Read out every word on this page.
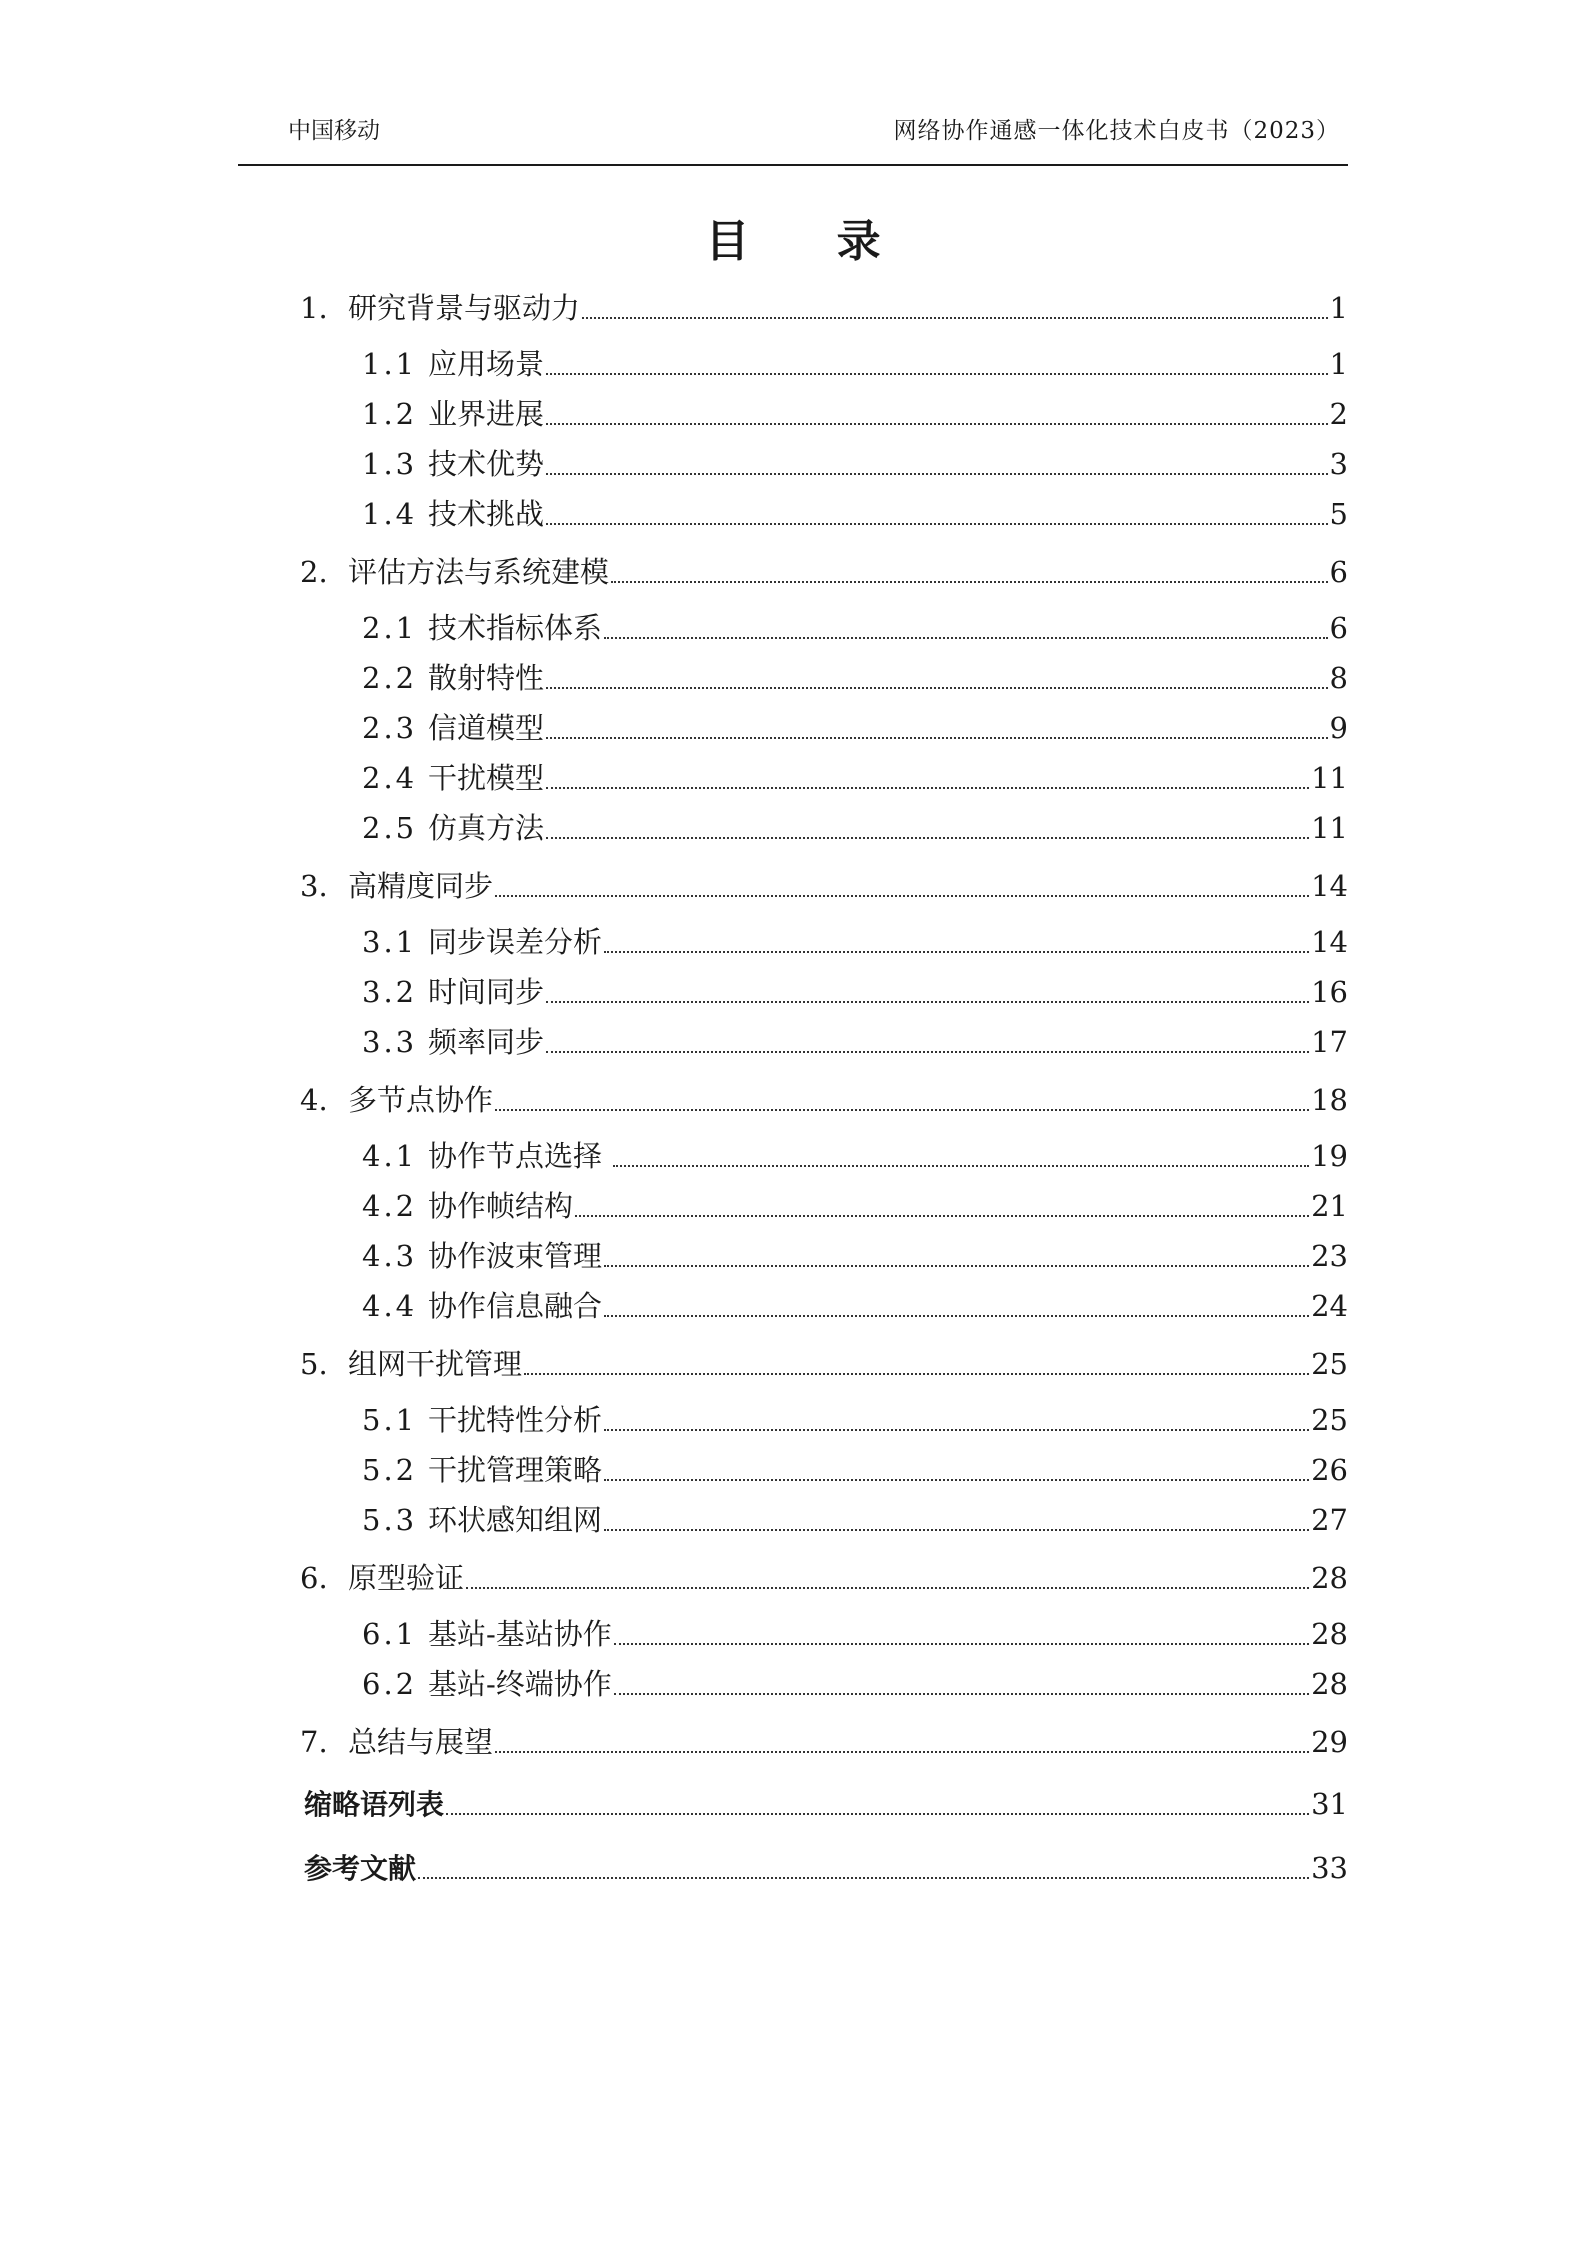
中国移动	网络协作通感一体化技术白皮书（2023）
目 录
1. 研究背景与驱动力	1
1.1 应用场景	1
1.2 业界进展	2
1.3 技术优势	3
1.4 技术挑战	5
2. 评估方法与系统建模	6
2.1 技术指标体系	6
2.2 散射特性	8
2.3 信道模型	9
2.4 干扰模型	11
2.5 仿真方法	11
3. 高精度同步	14
3.1 同步误差分析	14
3.2 时间同步	16
3.3 频率同步	17
4. 多节点协作	18
4.1 协作节点选择	19
4.2 协作帧结构	21
4.3 协作波束管理	23
4.4 协作信息融合	24
5. 组网干扰管理	25
5.1 干扰特性分析	25
5.2 干扰管理策略	26
5.3 环状感知组网	27
6. 原型验证	28
6.1 基站-基站协作	28
6.2 基站-终端协作	28
7. 总结与展望	29
缩略语列表	31
参考文献	33
